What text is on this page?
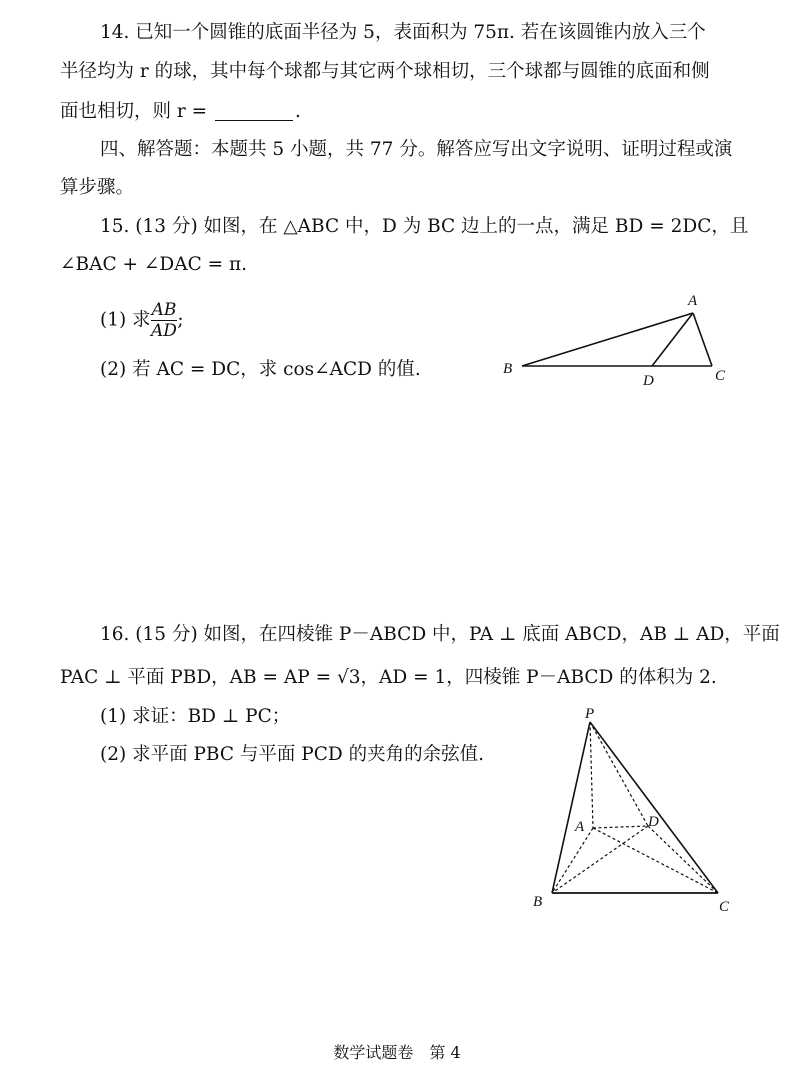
14. 已知一个圆锥的底面半径为 5，表面积为 75π. 若在该圆锥内放入三个
半径均为 r 的球，其中每个球都与其它两个球相切，三个球都与圆锥的底面和侧
面也相切，则 r =	.
四、解答题：本题共 5 小题，共 77 分。解答应写出文字说明、证明过程或演
算步骤。
15. (13 分) 如图，在 △ABC 中，D 为 BC 边上的一点，满足 BD = 2DC，且
∠BAC + ∠DAC = π.
(1) 求 $\frac{AB}{AD}$ ;
(2) 若 AC = DC，求 cos∠ACD 的值.
16. (15 分) 如图，在四棱锥 P－ABCD 中，PA ⊥ 底面 ABCD，AB ⊥ AD，平面
PAC ⊥ 平面 PBD，AB = AP = √3，AD = 1，四棱锥 P－ABCD 的体积为 2.
(1) 求证：BD ⊥ PC；
(2) 求平面 PBC 与平面 PCD 的夹角的余弦值.
A
B	C
D
P
A	D
B	C
数学试题卷　第 4
